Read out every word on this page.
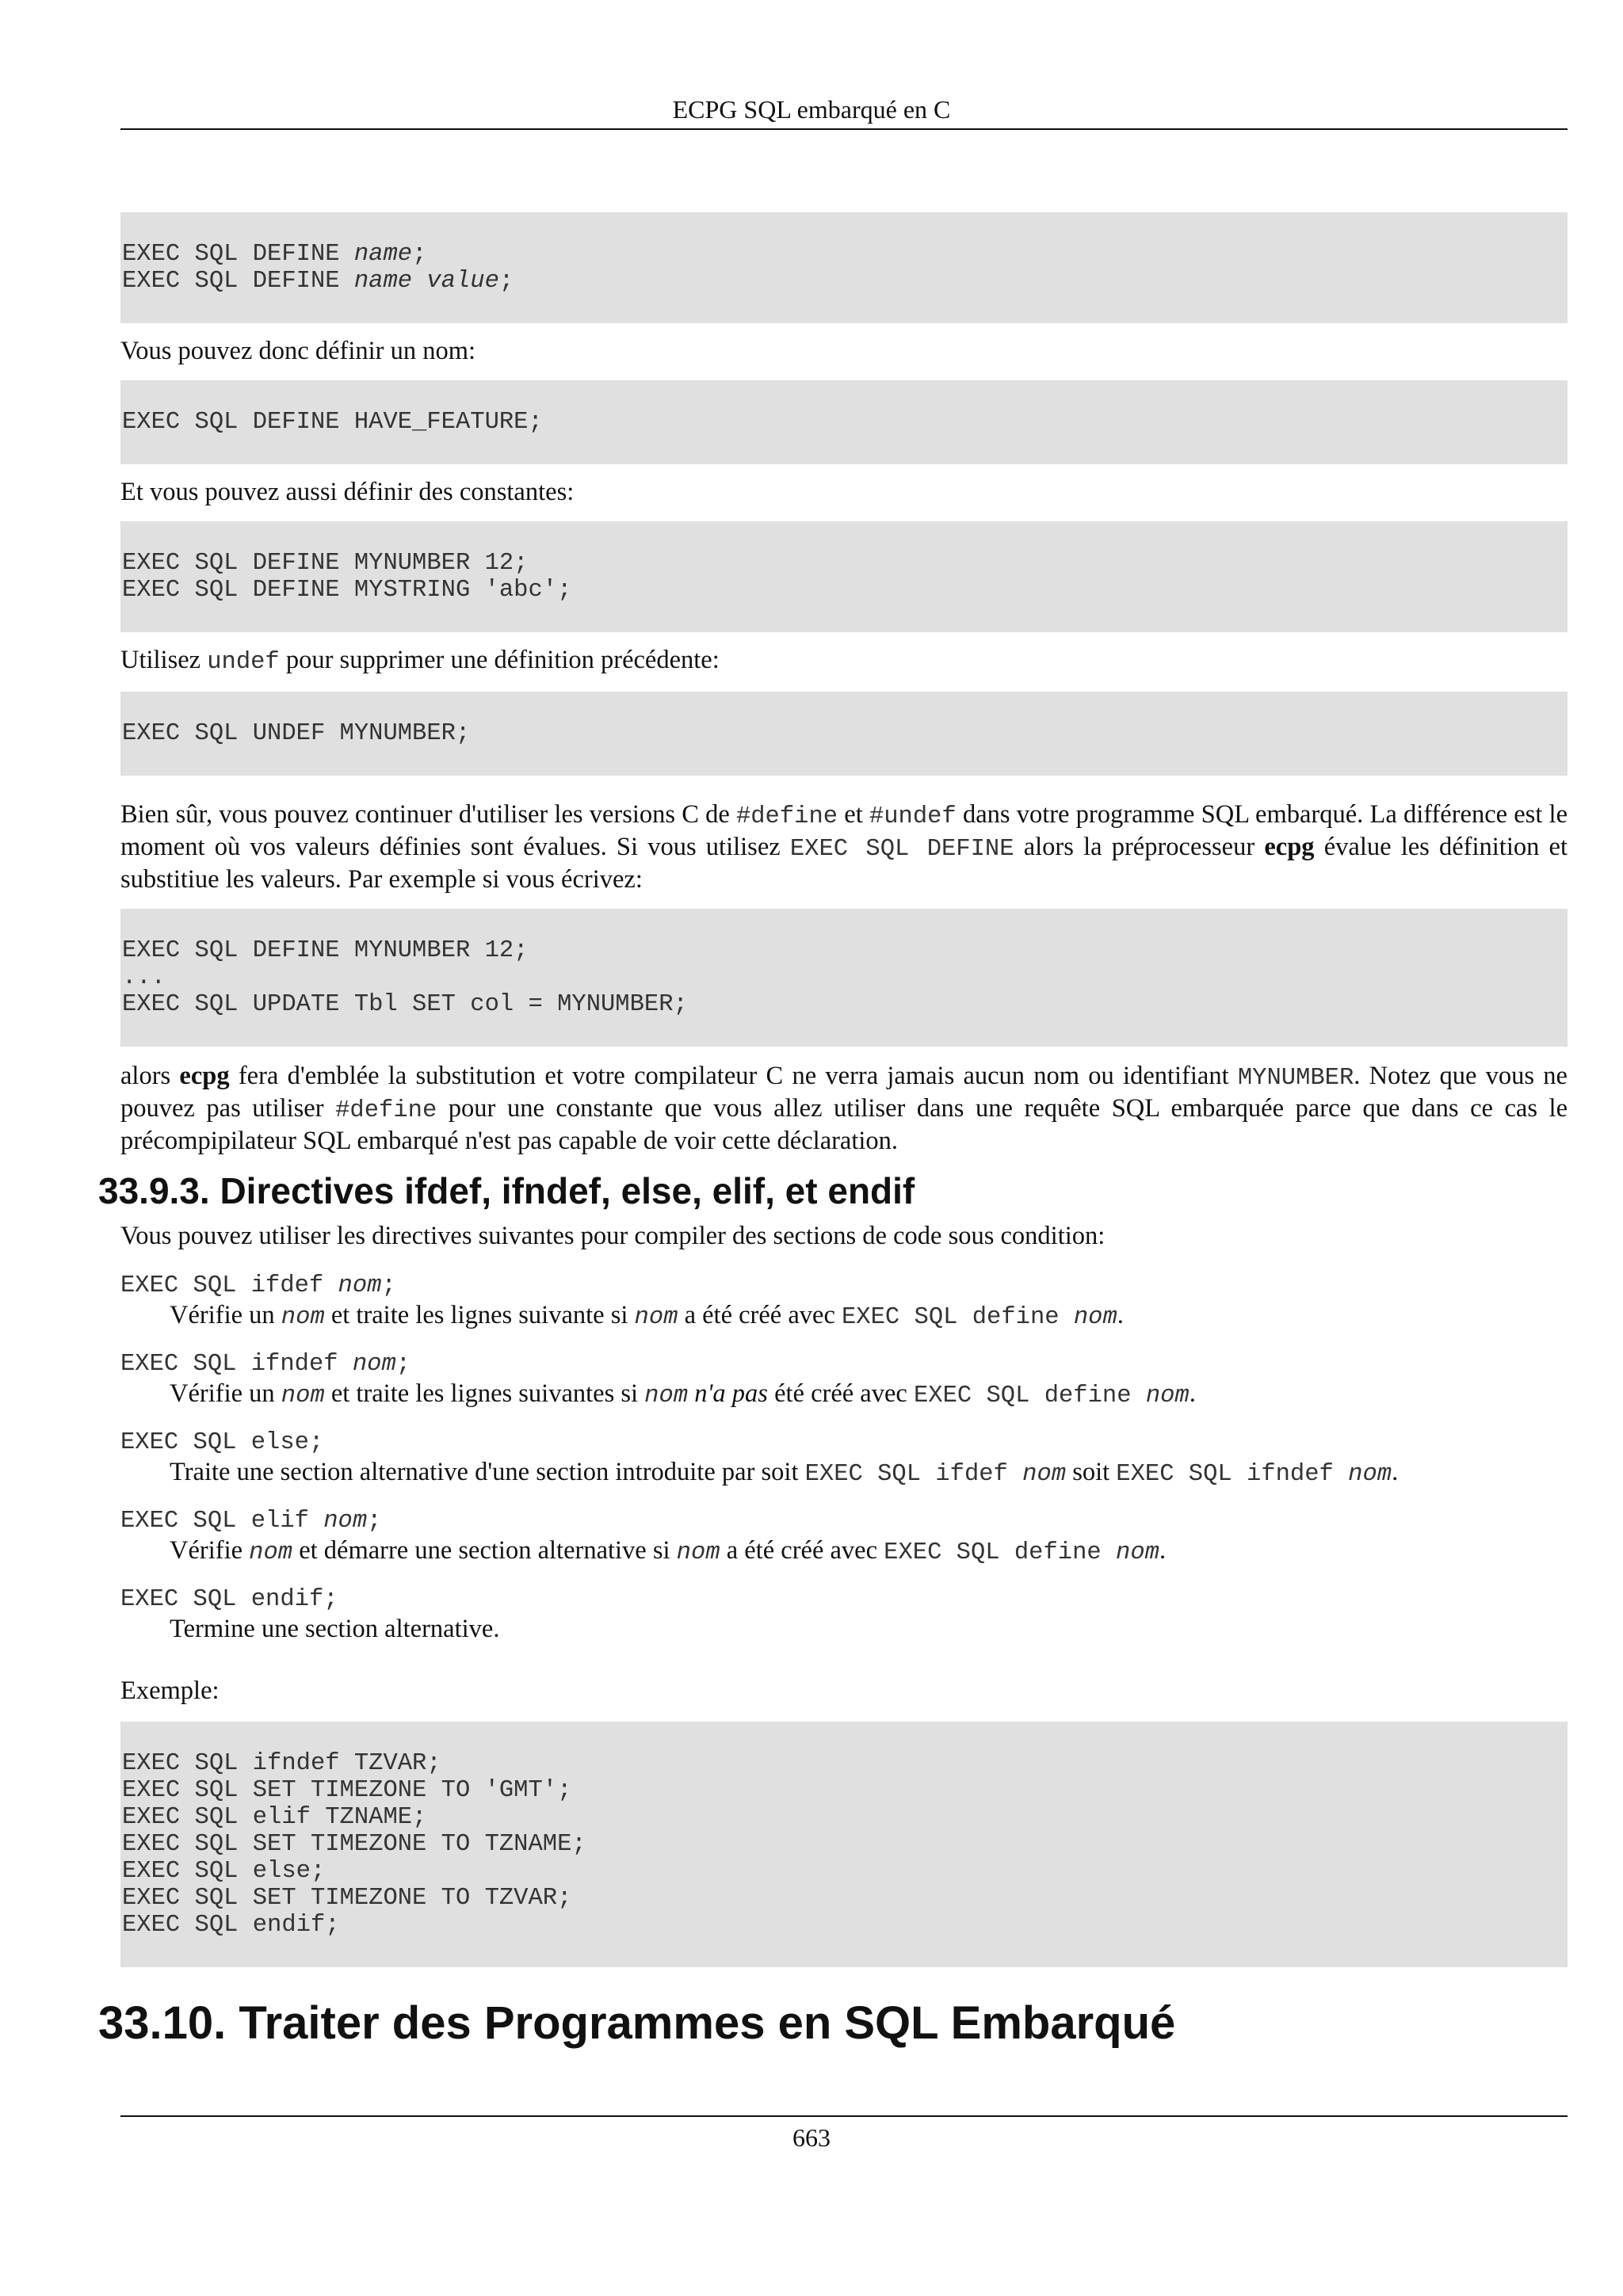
ECPG SQL embarqué en C
EXEC SQL DEFINE name;
EXEC SQL DEFINE name value;

Vous pouvez donc définir un nom:

EXEC SQL DEFINE HAVE_FEATURE;

Et vous pouvez aussi définir des constantes:

EXEC SQL DEFINE MYNUMBER 12;
EXEC SQL DEFINE MYSTRING 'abc';

Utilisez undef pour supprimer une définition précédente:

EXEC SQL UNDEF MYNUMBER;

Bien sûr, vous pouvez continuer d'utiliser les versions C de #define et #undef dans votre programme SQL embarqué. La différence est le moment où vos valeurs définies sont évalues. Si vous utilisez EXEC SQL DEFINE alors la préprocesseur ecpg évalue les définition et substitiue les valeurs. Par exemple si vous écrivez:

EXEC SQL DEFINE MYNUMBER 12;
...
EXEC SQL UPDATE Tbl SET col = MYNUMBER;

alors ecpg fera d'emblée la substitution et votre compilateur C ne verra jamais aucun nom ou identifiant MYNUMBER. Notez que vous ne pouvez pas utiliser #define pour une constante que vous allez utiliser dans une requête SQL embarquée parce que dans ce cas le précompipilateur SQL embarqué n'est pas capable de voir cette déclaration.

33.9.3. Directives ifdef, ifndef, else, elif, et endif

Vous pouvez utiliser les directives suivantes pour compiler des sections de code sous condition:

EXEC SQL ifdef nom;

Vérifie un nom et traite les lignes suivante si nom a été créé avec EXEC SQL define nom.

EXEC SQL ifndef nom;

Vérifie un nom et traite les lignes suivantes si nom n'a pas été créé avec EXEC SQL define nom.

EXEC SQL else;

Traite une section alternative d'une section introduite par soit EXEC SQL ifdef nom soit EXEC SQL ifndef nom.

EXEC SQL elif nom;

Vérifie nom et démarre une section alternative si nom a été créé avec EXEC SQL define nom.

EXEC SQL endif;

Termine une section alternative.

Exemple:

EXEC SQL ifndef TZVAR;
EXEC SQL SET TIMEZONE TO 'GMT';
EXEC SQL elif TZNAME;
EXEC SQL SET TIMEZONE TO TZNAME;
EXEC SQL else;
EXEC SQL SET TIMEZONE TO TZVAR;
EXEC SQL endif;
33.10. Traiter des Programmes en SQL Embarqué
663
